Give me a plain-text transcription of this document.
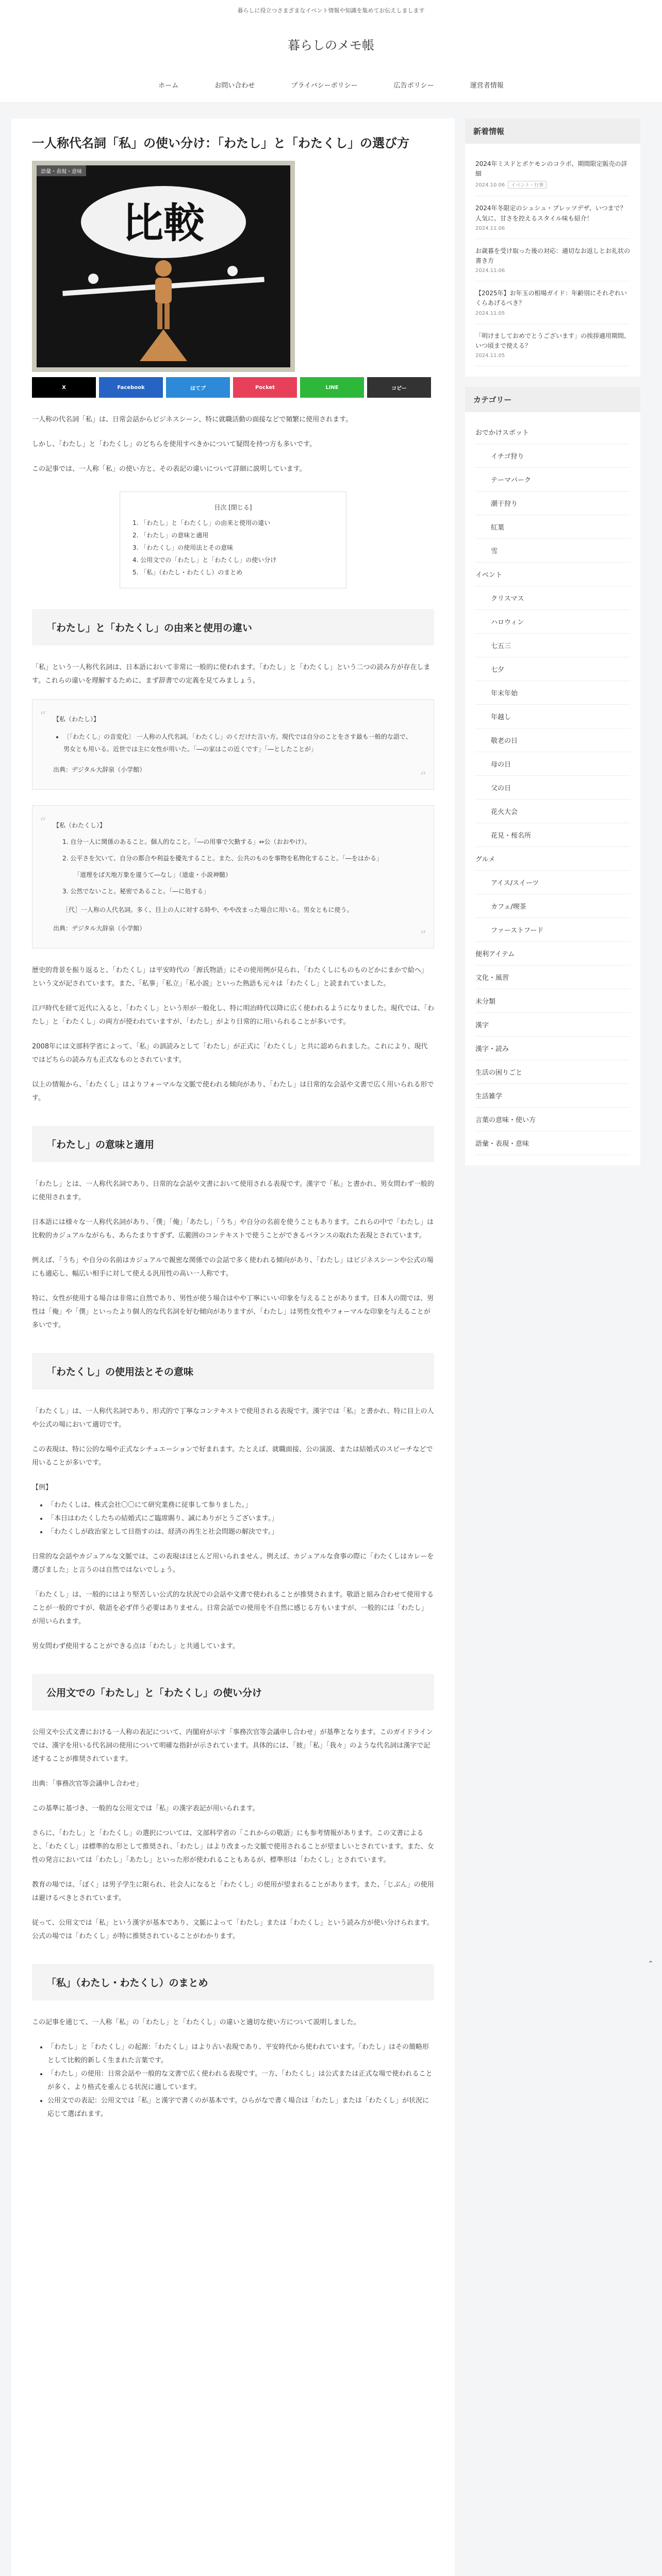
暮らしに役立つさまざまなイベント情報や知識を集めてお伝えしまします
暮らしのメモ帳
ホーム	お問い合わせ	プライバシーポリシー	広告ポリシー	運営者情報
一人称代名詞「私」の使い分け：「わたし」と「わたくし」の選び方
語彙・表現・意味
比較
X	Facebook	はてブ	Pocket	LINE	コピー

一人称の代名詞「私」は、日常会話からビジネスシーン、特に就職活動の面接などで頻繁に使用されます。

しかし、「わたし」と「わたくし」のどちらを使用すべきかについて疑問を持つ方も多いです。

この記事では、一人称「私」の使い方と、その表記の違いについて詳細に説明しています。

目次 [閉じる]
1. 「わたし」と「わたくし」の由来と使用の違い
2. 「わたし」の意味と適用
3. 「わたくし」の使用法とその意味
4. 公用文での「わたし」と「わたくし」の使い分け
5. 「私」（わたし・わたくし）のまとめ
「わたし」と「わたくし」の由来と使用の違い

「私」という一人称代名詞は、日本語において非常に一般的に使われます。「わたし」と「わたくし」という二つの読み方が存在します。これらの違いを理解するために、まず辞書での定義を見てみましょう。

“ 【私（わたし）】
• 〔「わたくし」の音変化〕 一人称の人代名詞。「わたくし」のくだけた言い方。現代では自分のことをさす最も一般的な語で、男女とも用いる。近世では主に女性が用いた。「―の家はこの近くです」「―としたことが」
出典：デジタル大辞泉（小学館）	”
“ 【私（わたくし）】
1. 自分一人に関係のあること。個人的なこと。「―の用事で欠勤する」⇔公（おおやけ）。
2. 公平さを欠いて、自分の都合や利益を優先すること。また、公共のものを事物を私物化すること。「―をはかる」
「道理をば天地万象を違うて―なし」（道虚・小説神髄）
3. 公然でないこと。秘密であること。「―に処する」
［代］一人称の人代名詞。多く、目上の人に対する時や、やや改まった場合に用いる。男女ともに使う。
出典：デジタル大辞泉（小学館）	”

歴史的背景を振り返ると、「わたくし」は平安時代の「源氏物語」にその使用例が見られ、「わたくしにものものどかにまかで給へ」という文が記されています。また、「私事」「私立」「私小説」といった熟語も元々は「わたくし」と読まれていました。

江戸時代を経て近代に入ると、「わたくし」という形が一般化し、特に明治時代以降に広く使われるようになりました。現代では、「わたし」と「わたくし」の両方が使われていますが、「わたし」がより日常的に用いられることが多いです。

2008年には文部科学省によって、「私」の訓読みとして「わたし」が正式に「わたくし」と共に認められました。これにより、現代ではどちらの読み方も正式なものとされています。

以上の情報から、「わたくし」はよりフォーマルな文脈で使われる傾向があり、「わたし」は日常的な会話や文書で広く用いられる形です。

「わたし」の意味と適用

「わたし」とは、一人称代名詞であり、日常的な会話や文書において使用される表現です。漢字で「私」と書かれ、男女問わず一般的に使用されます。

日本語には様々な一人称代名詞があり、「僕」「俺」「あたし」「うち」や自分の名前を使うこともあります。これらの中で「わたし」は比較的カジュアルながらも、あらたまりすぎず、広範囲のコンテキストで使うことができるバランスの取れた表現とされています。

例えば、「うち」や自分の名前はカジュアルで親密な関係での会話で多く使われる傾向があり、「わたし」はビジネスシーンや公式の場にも適応し、幅広い相手に対して使える汎用性の高い一人称です。

特に、女性が使用する場合は非常に自然であり、男性が使う場合はやや丁寧にいい印象を与えることがあります。日本人の間では、男性は「俺」や「僕」といったより個人的な代名詞を好む傾向がありますが、「わたし」は男性女性やフォーマルな印象を与えることが多いです。

「わたくし」の使用法とその意味

「わたくし」は、一人称代名詞であり、形式的で丁寧なコンテキストで使用される表現です。漢字では「私」と書かれ、特に目上の人や公式の場において適切です。

この表現は、特に公的な場や正式なシチュエーションで好まれます。たとえば、就職面接、公の演説、または結婚式のスピーチなどで用いることが多いです。

【例】

• 「わたくしは、株式会社〇〇にて研究業務に従事して参りました。」
• 「本日はわたくしたちの結婚式にご臨席賜り、誠にありがとうございます。」
• 「わたくしが政治家として目指すのは、経済の再生と社会問題の解決です。」

日常的な会話やカジュアルな文脈では、この表現はほとんど用いられません。例えば、カジュアルな食事の際に「わたくしはカレーを選びました」と言うのは自然ではないでしょう。

「わたくし」は、一般的にはより堅苦しい公式的な状況での会話や文書で使われることが推奨されます。敬語と組み合わせて使用することが一般的ですが、敬語を必ず伴う必要はありません。日常会話での使用を不自然に感じる方もいますが、一般的には「わたし」が用いられます。

男女問わず使用することができる点は「わたし」と共通しています。

公用文での「わたし」と「わたくし」の使い分け

公用文や公式文書における一人称の表記について、内閣府が示す「事務次官等会議申し合わせ」が基準となります。このガイドラインでは、漢字を用いる代名詞の使用について明確な指針が示されています。具体的には、「彼」「私」「我々」のような代名詞は漢字で記述することが推奨されています。

出典：「事務次官等会議申し合わせ」

この基準に基づき、一般的な公用文では「私」の漢字表記が用いられます。

さらに、「わたし」と「わたくし」の選択については、文部科学省の「これからの敬語」にも参考情報があります。この文書によると、「わたくし」は標準的な形として推奨され、「わたし」はより改まった文脈で使用されることが望ましいとされています。また、女性の発言においては「わたし」「あたし」といった形が使われることもあるが、標準形は「わたくし」とされています。

教育の場では、「ぼく」は男子学生に限られ、社会人になると「わたくし」の使用が望まれることがあります。また、「じぶん」の使用は避けるべきとされています。

従って、公用文では「私」という漢字が基本であり、文脈によって「わたし」または「わたくし」という読み方が使い分けられます。公式の場では「わたくし」が特に推奨されていることがわかります。

「私」（わたし・わたくし）のまとめ

この記事を通じて、一人称「私」の「わたし」と「わたくし」の違いと適切な使い方について説明しました。

• 「わたし」と「わたくし」の起源：「わたくし」はより古い表現であり、平安時代から使われています。「わたし」はその簡略形として比較的新しく生まれた言葉です。
• 「わたし」の使用：日常会話や一般的な文書で広く使われる表現です。一方、「わたくし」は公式または正式な場で使われることが多く、より格式を重んじる状況に適しています。
• 公用文での表記：公用文では「私」と漢字で書くのが基本です。ひらがなで書く場合は「わたし」または「わたくし」が状況に応じて選ばれます。
新着情報
2024年ミスドとポケモンのコラボ、期間限定販売の詳細
2024.10.06 イベント・行事
2024年冬限定のシュシュ・プレッツデザ、いつまで？人気に、甘さを控えるスタイル味も紹介！
2024.11.06
お歳暮を受け取った後の対応：適切なお返しとお礼状の書き方
2024.11.06
【2025年】お年玉の相場ガイド：年齢別にそれぞれいくらあげるべき？
2024.11.05
「明けましておめでとうございます」の挨拶適用期間、いつ頃まで使える？
2024.11.05
カテゴリー
おでかけスポット
イチゴ狩り
テーマパーク
潮干狩り
紅葉
雪
イベント
クリスマス
ハロウィン
七五三
七夕
年末年始
年越し
敬老の日
母の日
父の日
花火大会
花見・桜名所
グルメ
アイス/スイーツ
カフェ/喫茶
ファーストフード
便利アイテム
文化・風習
未分類
漢字
漢字・読み
生活の困りごと
生活雑学
言葉の意味・使い方
語彙・表現・意味
⌃
